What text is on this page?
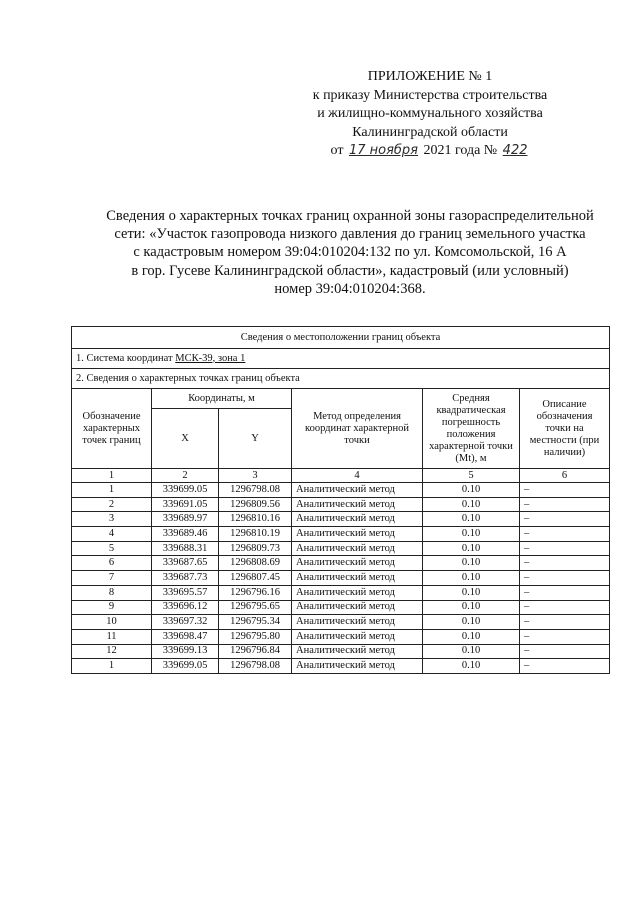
ПРИЛОЖЕНИЕ № 1
к приказу Министерства строительства
и жилищно-коммунального хозяйства
Калининградской области
от 17 ноября 2021 года № 422
Сведения о характерных точках границ охранной зоны газораспределительной
сети: «Участок газопровода низкого давления до границ земельного участка
с кадастровым номером 39:04:010204:132 по ул. Комсомольской, 16 А
в гор. Гусеве Калининградской области», кадастровый (или условный)
номер 39:04:010204:368.
Сведения о местоположении границ объекта					
1. Система координат МСК-39, зона 1					
2. Сведения о характерных точках границ объекта					
Обозначение характерных точек границ	Координаты, м		Метод определения координат характерной точки	Средняя квадратическая погрешность положения характерной точки (Mt), м	Описание обозначения точки на местности (при наличии)
	X	Y			
1	2	3	4	5	6
1	339699.05	1296798.08	Аналитический метод	0.10	–
2	339691.05	1296809.56	Аналитический метод	0.10	–
3	339689.97	1296810.16	Аналитический метод	0.10	–
4	339689.46	1296810.19	Аналитический метод	0.10	–
5	339688.31	1296809.73	Аналитический метод	0.10	–
6	339687.65	1296808.69	Аналитический метод	0.10	–
7	339687.73	1296807.45	Аналитический метод	0.10	–
8	339695.57	1296796.16	Аналитический метод	0.10	–
9	339696.12	1296795.65	Аналитический метод	0.10	–
10	339697.32	1296795.34	Аналитический метод	0.10	–
11	339698.47	1296795.80	Аналитический метод	0.10	–
12	339699.13	1296796.84	Аналитический метод	0.10	–
1	339699.05	1296798.08	Аналитический метод	0.10	–
